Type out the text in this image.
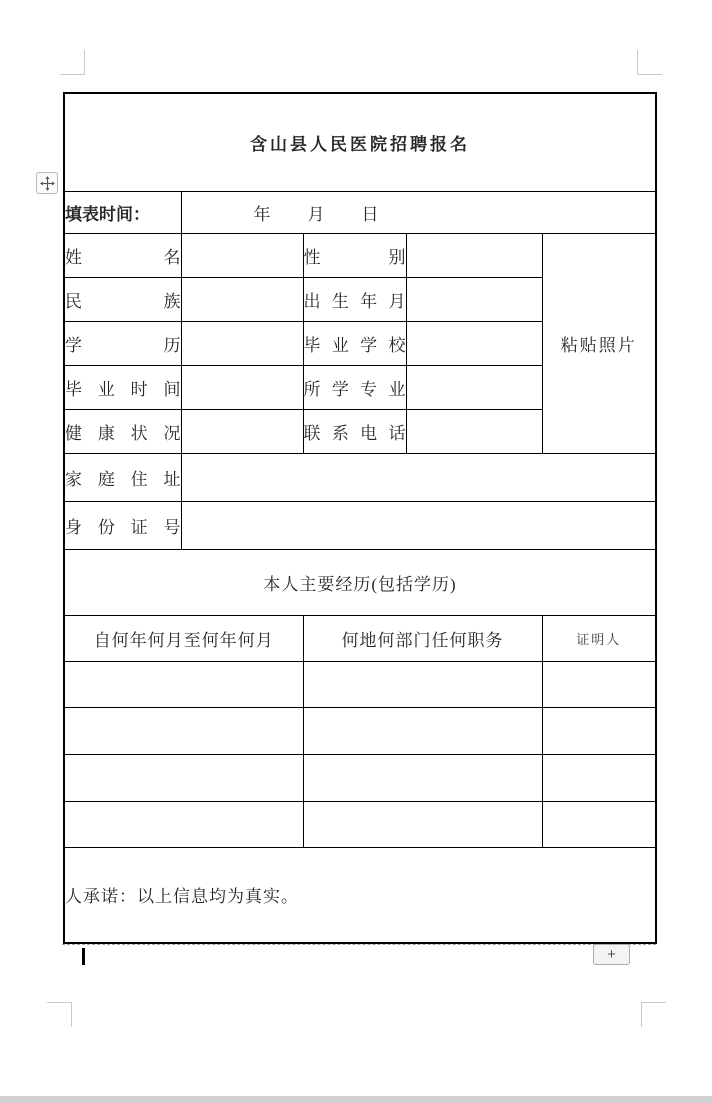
含山县人民医院招聘报名				
填表时间：	年 月 日			

姓名		性别		粘贴照片
民族		出生年月		
学历		毕业学校		
毕业时间		所学专业		
健康状况		联系电话		
家庭住址				
身份证号				
本人主要经历(包括学历)				
自何年何月至何年何月		何地何部门任何职务		证明人

人承诺：以上信息均为真实。				
+
